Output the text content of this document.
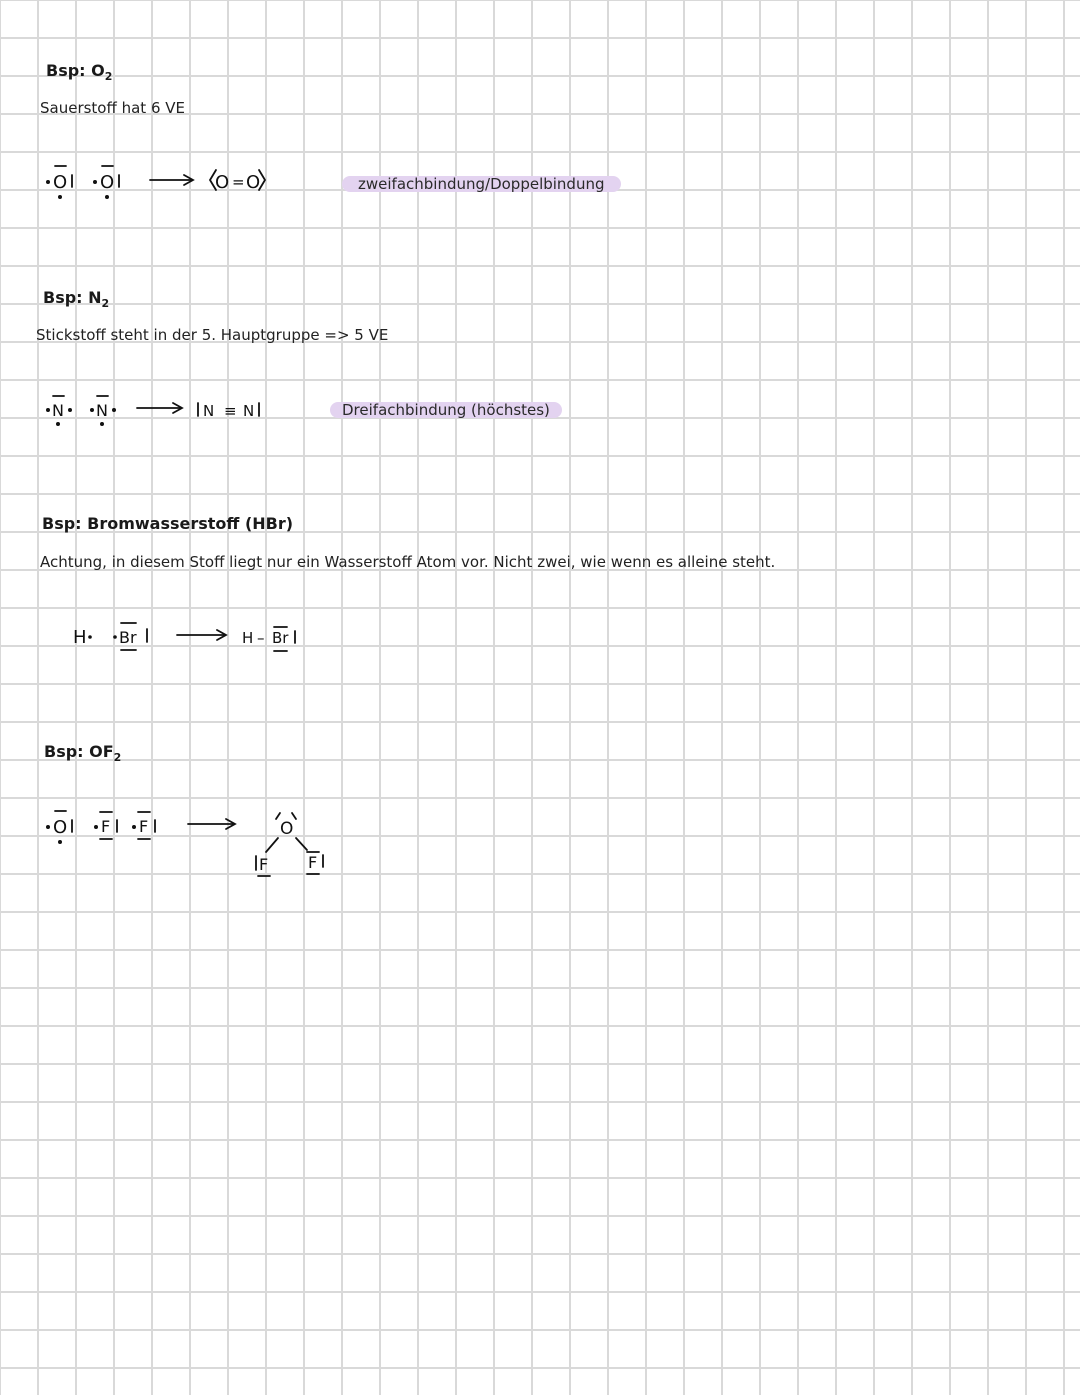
Bsp: $O_2$
Sauerstoff hat 6 VE
O O	O = O	zweifachbindung/Doppelbindung
Bsp: $N_2$
Stickstoff steht in der 5. Hauptgruppe => 5 VE
N N	N ≡ N	Dreifachbindung (höchstes)
Bsp: Bromwasserstoff (HBr)
Achtung, in diesem Stoff liegt nur ein Wasserstoff Atom vor. Nicht zwei, wie wenn es alleine steht.
H Br	H – Br
Bsp: $OF_2$
O F F	O
F F
